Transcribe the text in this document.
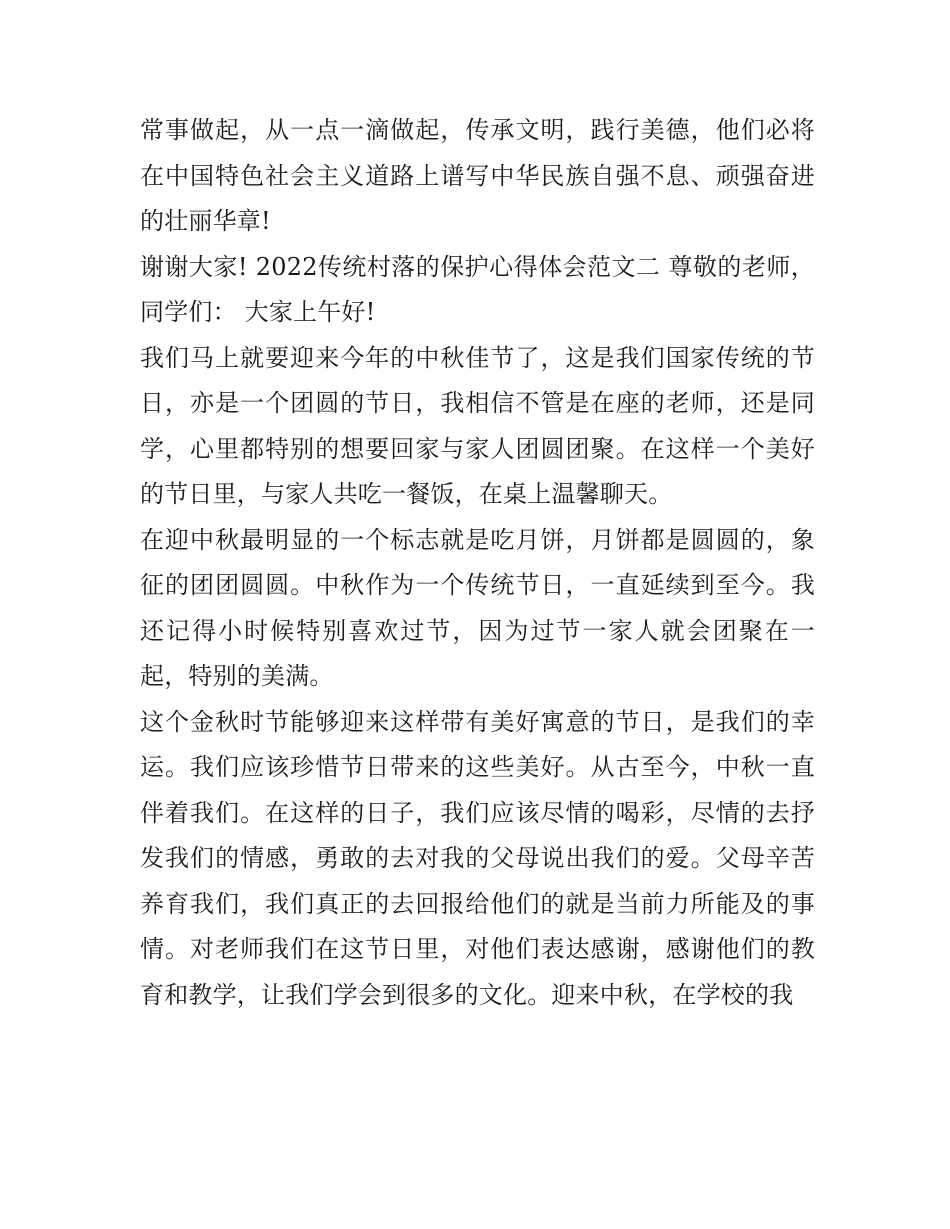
常事做起，从一点一滴做起，传承文明，践行美德，他们必将在中国特色社会主义道路上谱写中华民族自强不息、顽强奋进的壮丽华章!

谢谢大家! 2022传统村落的保护心得体会范文二 尊敬的老师，同学们： 大家上午好!

我们马上就要迎来今年的中秋佳节了，这是我们国家传统的节日，亦是一个团圆的节日，我相信不管是在座的老师，还是同学，心里都特别的想要回家与家人团圆团聚。在这样一个美好的节日里，与家人共吃一餐饭，在桌上温馨聊天。

在迎中秋最明显的一个标志就是吃月饼，月饼都是圆圆的，象征的团团圆圆。中秋作为一个传统节日，一直延续到至今。我还记得小时候特别喜欢过节，因为过节一家人就会团聚在一起，特别的美满。

这个金秋时节能够迎来这样带有美好寓意的节日，是我们的幸运。我们应该珍惜节日带来的这些美好。从古至今，中秋一直伴着我们。在这样的日子，我们应该尽情的喝彩，尽情的去抒发我们的情感，勇敢的去对我的父母说出我们的爱。父母辛苦养育我们，我们真正的去回报给他们的就是当前力所能及的事情。对老师我们在这节日里，对他们表达感谢，感谢他们的教育和教学，让我们学会到很多的文化。迎来中秋，在学校的我
